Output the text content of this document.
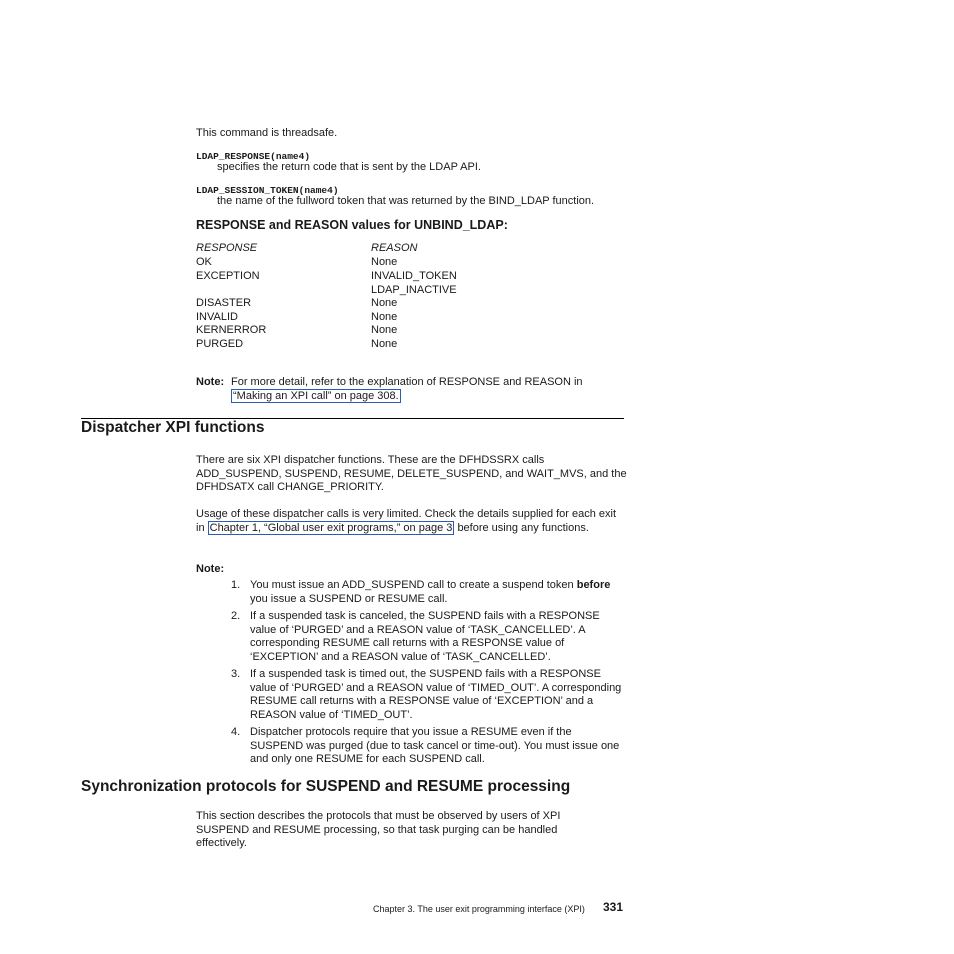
This command is threadsafe.
LDAP_RESPONSE(name4)
specifies the return code that is sent by the LDAP API.
LDAP_SESSION_TOKEN(name4)
the name of the fullword token that was returned by the BIND_LDAP function.
RESPONSE and REASON values for UNBIND_LDAP:
RESPONSE	REASON
OK	None
EXCEPTION	INVALID_TOKEN
LDAP_INACTIVE
DISASTER	None
INVALID	None
KERNERROR	None
PURGED	None
Note: For more detail, refer to the explanation of RESPONSE and REASON in
“Making an XPI call” on page 308.
Dispatcher XPI functions
There are six XPI dispatcher functions. These are the DFHDSSRX calls ADD_SUSPEND, SUSPEND, RESUME, DELETE_SUSPEND, and WAIT_MVS, and the DFHDSATX call CHANGE_PRIORITY.
Usage of these dispatcher calls is very limited. Check the details supplied for each exit in Chapter 1, “Global user exit programs,” on page 3 before using any functions.
Note:
1. You must issue an ADD_SUSPEND call to create a suspend token before you issue a SUSPEND or RESUME call.
2. If a suspended task is canceled, the SUSPEND fails with a RESPONSE value of ‘PURGED’ and a REASON value of ‘TASK_CANCELLED’. A corresponding RESUME call returns with a RESPONSE value of ‘EXCEPTION’ and a REASON value of ‘TASK_CANCELLED’.
3. If a suspended task is timed out, the SUSPEND fails with a RESPONSE value of ‘PURGED’ and a REASON value of ‘TIMED_OUT’. A corresponding RESUME call returns with a RESPONSE value of ‘EXCEPTION’ and a REASON value of ‘TIMED_OUT’.
4. Dispatcher protocols require that you issue a RESUME even if the SUSPEND was purged (due to task cancel or time-out). You must issue one and only one RESUME for each SUSPEND call.
Synchronization protocols for SUSPEND and RESUME processing
This section describes the protocols that must be observed by users of XPI SUSPEND and RESUME processing, so that task purging can be handled effectively.
Chapter 3. The user exit programming interface (XPI) 331
